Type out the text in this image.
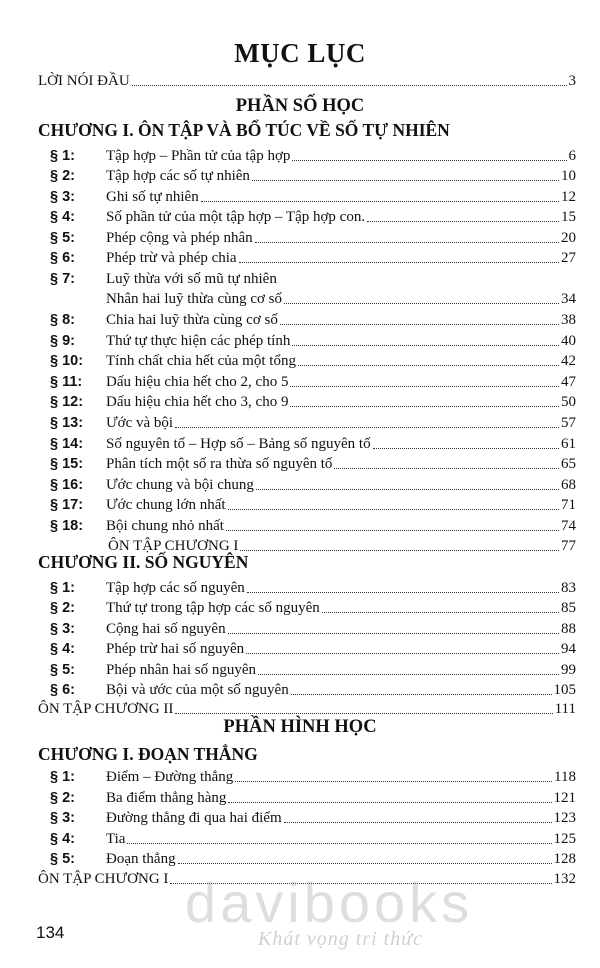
MỤC LỤC
LỜI NÓI ĐẦU	3
PHẦN SỐ HỌC
CHƯƠNG I. ÔN TẬP VÀ BỔ TÚC VỀ SỐ TỰ NHIÊN
§ 1:	Tập hợp – Phần tử của tập hợp	6
§ 2:	Tập hợp các số tự nhiên	10
§ 3:	Ghi số tự nhiên	12
§ 4:	Số phần tử của một tập hợp – Tập hợp con.	15
§ 5:	Phép cộng và phép nhân	20
§ 6:	Phép trừ và phép chia	27
§ 7:	Luỹ thừa với số mũ tự nhiên
Nhân hai luỹ thừa cùng cơ số	34
§ 8:	Chia hai luỹ thừa cùng cơ số	38
§ 9:	Thứ tự thực hiện các phép tính	40
§ 10:	Tính chất chia hết của một tổng	42
§ 11:	Dấu hiệu chia hết cho 2, cho 5	47
§ 12:	Dấu hiệu chia hết cho 3, cho 9	50
§ 13:	Ước và bội	57
§ 14:	Số nguyên tố – Hợp số – Bảng số nguyên tố	61
§ 15:	Phân tích một số ra thừa số nguyên tố	65
§ 16:	Ước chung và bội chung	68
§ 17:	Ước chung lớn nhất	71
§ 18:	Bội chung nhỏ nhất	74
ÔN TẬP CHƯƠNG I	77
CHƯƠNG II. SỐ NGUYÊN
§ 1:	Tập hợp các số nguyên	83
§ 2:	Thứ tự trong tập hợp các số nguyên	85
§ 3:	Cộng hai số nguyên	88
§ 4:	Phép trừ hai số nguyên	94
§ 5:	Phép nhân hai số nguyên	99
§ 6:	Bội và ước của một số nguyên	105
ÔN TẬP CHƯƠNG II	111
PHẦN HÌNH HỌC
CHƯƠNG I. ĐOẠN THẲNG
§ 1:	Điểm – Đường thẳng	118
§ 2:	Ba điểm thẳng hàng	121
§ 3:	Đường thẳng đi qua hai điểm	123
§ 4:	Tia	125
§ 5:	Đoạn thẳng	128
ÔN TẬP CHƯƠNG I	132
134 davibooks
Khát vọng tri thức
